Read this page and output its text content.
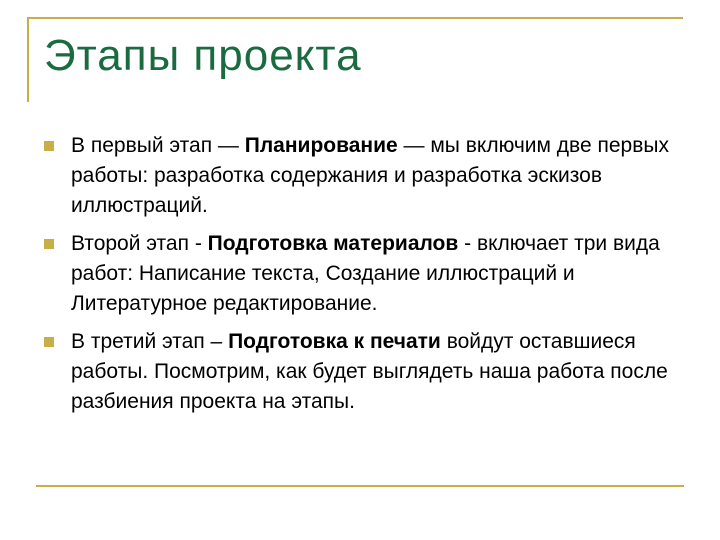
Этапы проекта
В первый этап — Планирование — мы включим две первых работы: разработка содержания и разработка эскизов иллюстраций.
Второй этап - Подготовка материалов - включает три вида работ: Написание текста, Создание иллюстраций и Литературное редактирование.
В третий этап – Подготовка к печати войдут оставшиеся работы. Посмотрим, как будет выглядеть наша работа после разбиения проекта на этапы.
